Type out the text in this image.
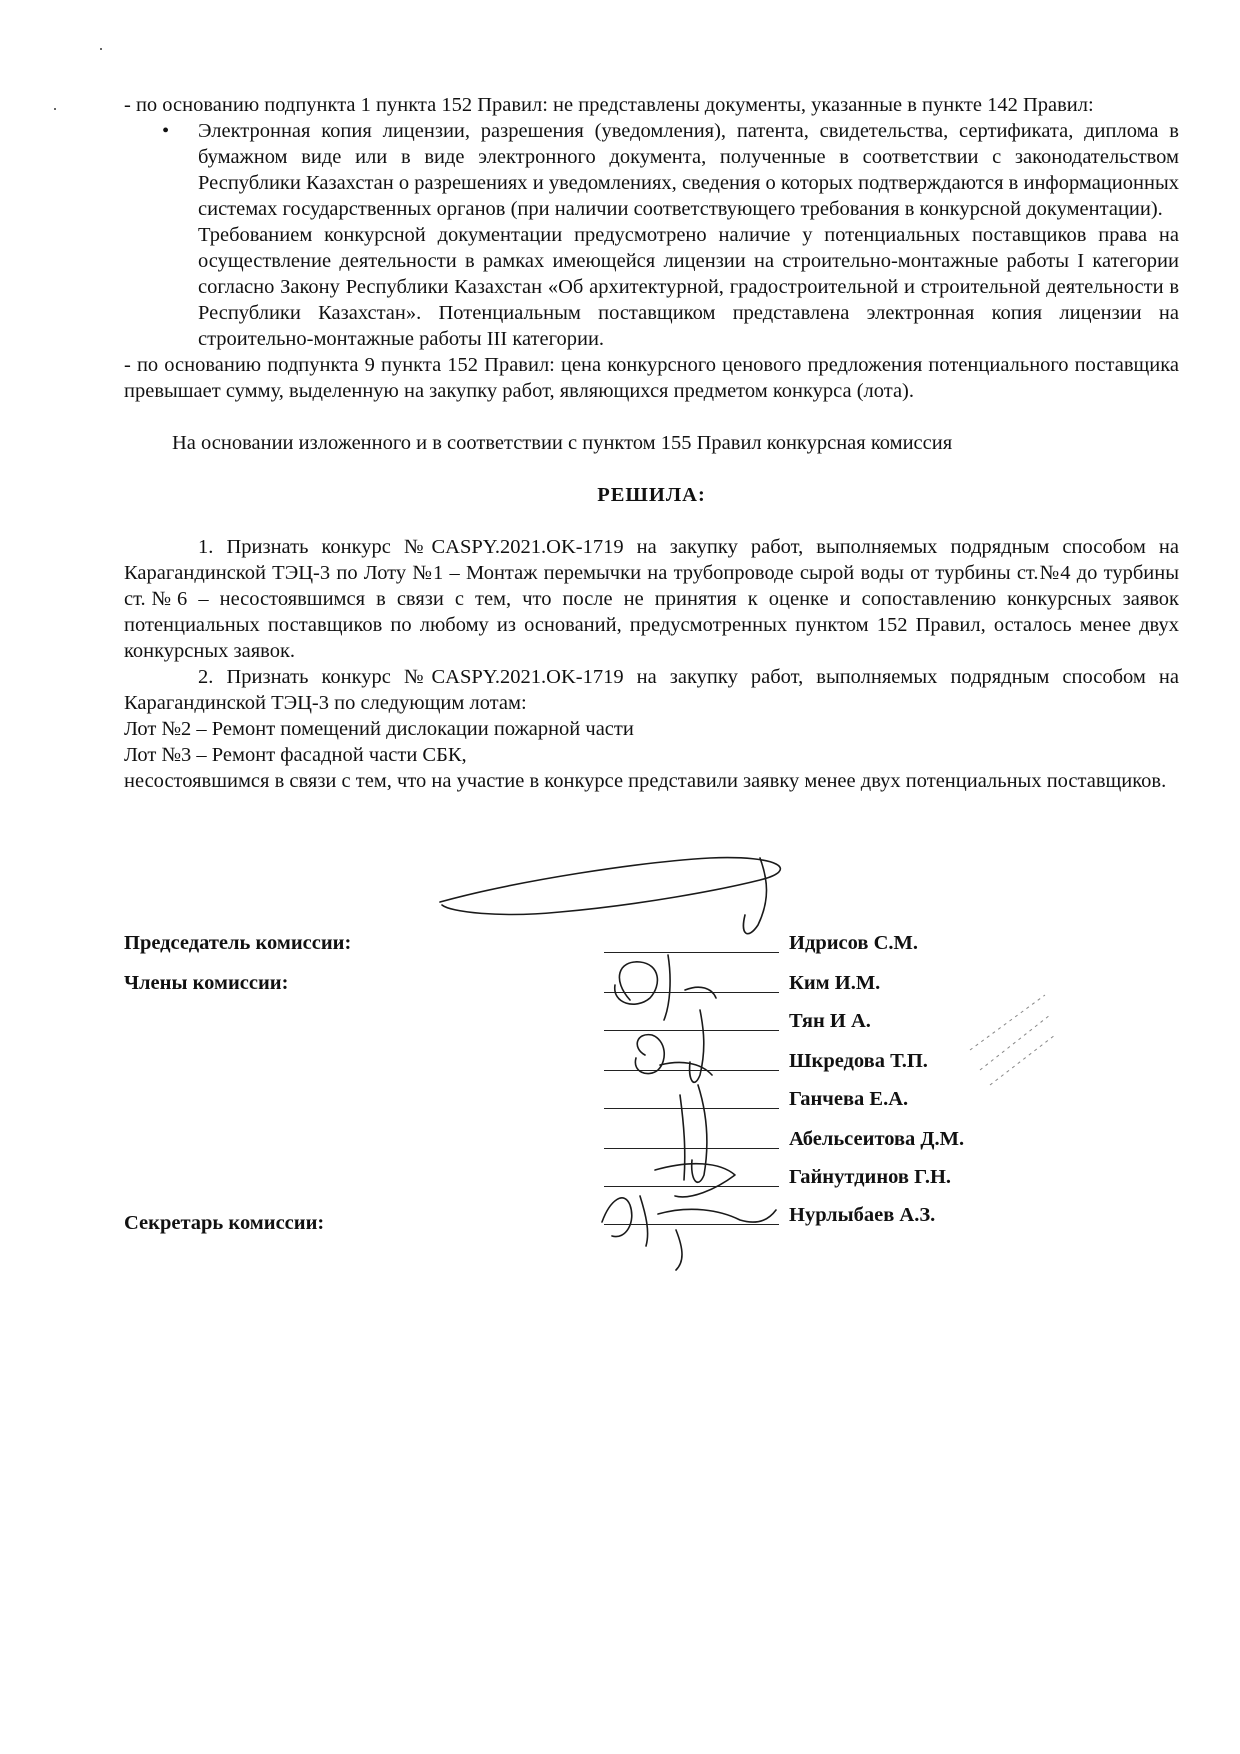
- по основанию подпункта 1 пункта 152 Правил: не представлены документы, указанные в пункте 142 Правил:

• Электронная копия лицензии, разрешения (уведомления), патента, свидетельства, сертификата, диплома в бумажном виде или в виде электронного документа, полученные в соответствии с законодательством Республики Казахстан о разрешениях и уведомлениях, сведения о которых подтверждаются в информационных системах государственных органов (при наличии соответствующего требования в конкурсной документации).

Требованием конкурсной документации предусмотрено наличие у потенциальных поставщиков права на осуществление деятельности в рамках имеющейся лицензии на строительно-монтажные работы I категории согласно Закону Республики Казахстан «Об архитектурной, градостроительной и строительной деятельности в Республики Казахстан». Потенциальным поставщиком представлена электронная копия лицензии на строительно-монтажные работы III категории.

- по основанию подпункта 9 пункта 152 Правил: цена конкурсного ценового предложения потенциального поставщика превышает сумму, выделенную на закупку работ, являющихся предметом конкурса (лота).

На основании изложенного и в соответствии с пунктом 155 Правил конкурсная комиссия

РЕШИЛА:

1. Признать конкурс №CASPY.2021.OK-1719 на закупку работ, выполняемых подрядным способом на Карагандинской ТЭЦ-3 по Лоту №1 – Монтаж перемычки на трубопроводе сырой воды от турбины ст.№4 до турбины ст.№6 – несостоявшимся в связи с тем, что после не принятия к оценке и сопоставлению конкурсных заявок потенциальных поставщиков по любому из оснований, предусмотренных пунктом 152 Правил, осталось менее двух конкурсных заявок.

2. Признать конкурс №CASPY.2021.OK-1719 на закупку работ, выполняемых подрядным способом на Карагандинской ТЭЦ-3 по следующим лотам:

Лот №2 – Ремонт помещений дислокации пожарной части

Лот №3 – Ремонт фасадной части СБК,

несостоявшимся в связи с тем, что на участие в конкурсе представили заявку менее двух потенциальных поставщиков.

Председатель комиссии:
Члены комиссии:
Секретарь комиссии:
Идрисов С.М.
Ким И.М.
Тян И А.
Шкредова Т.П.
Ганчева Е.А.
Абельсеитова Д.М.
Гайнутдинов Г.Н.
Нурлыбаев А.З.
